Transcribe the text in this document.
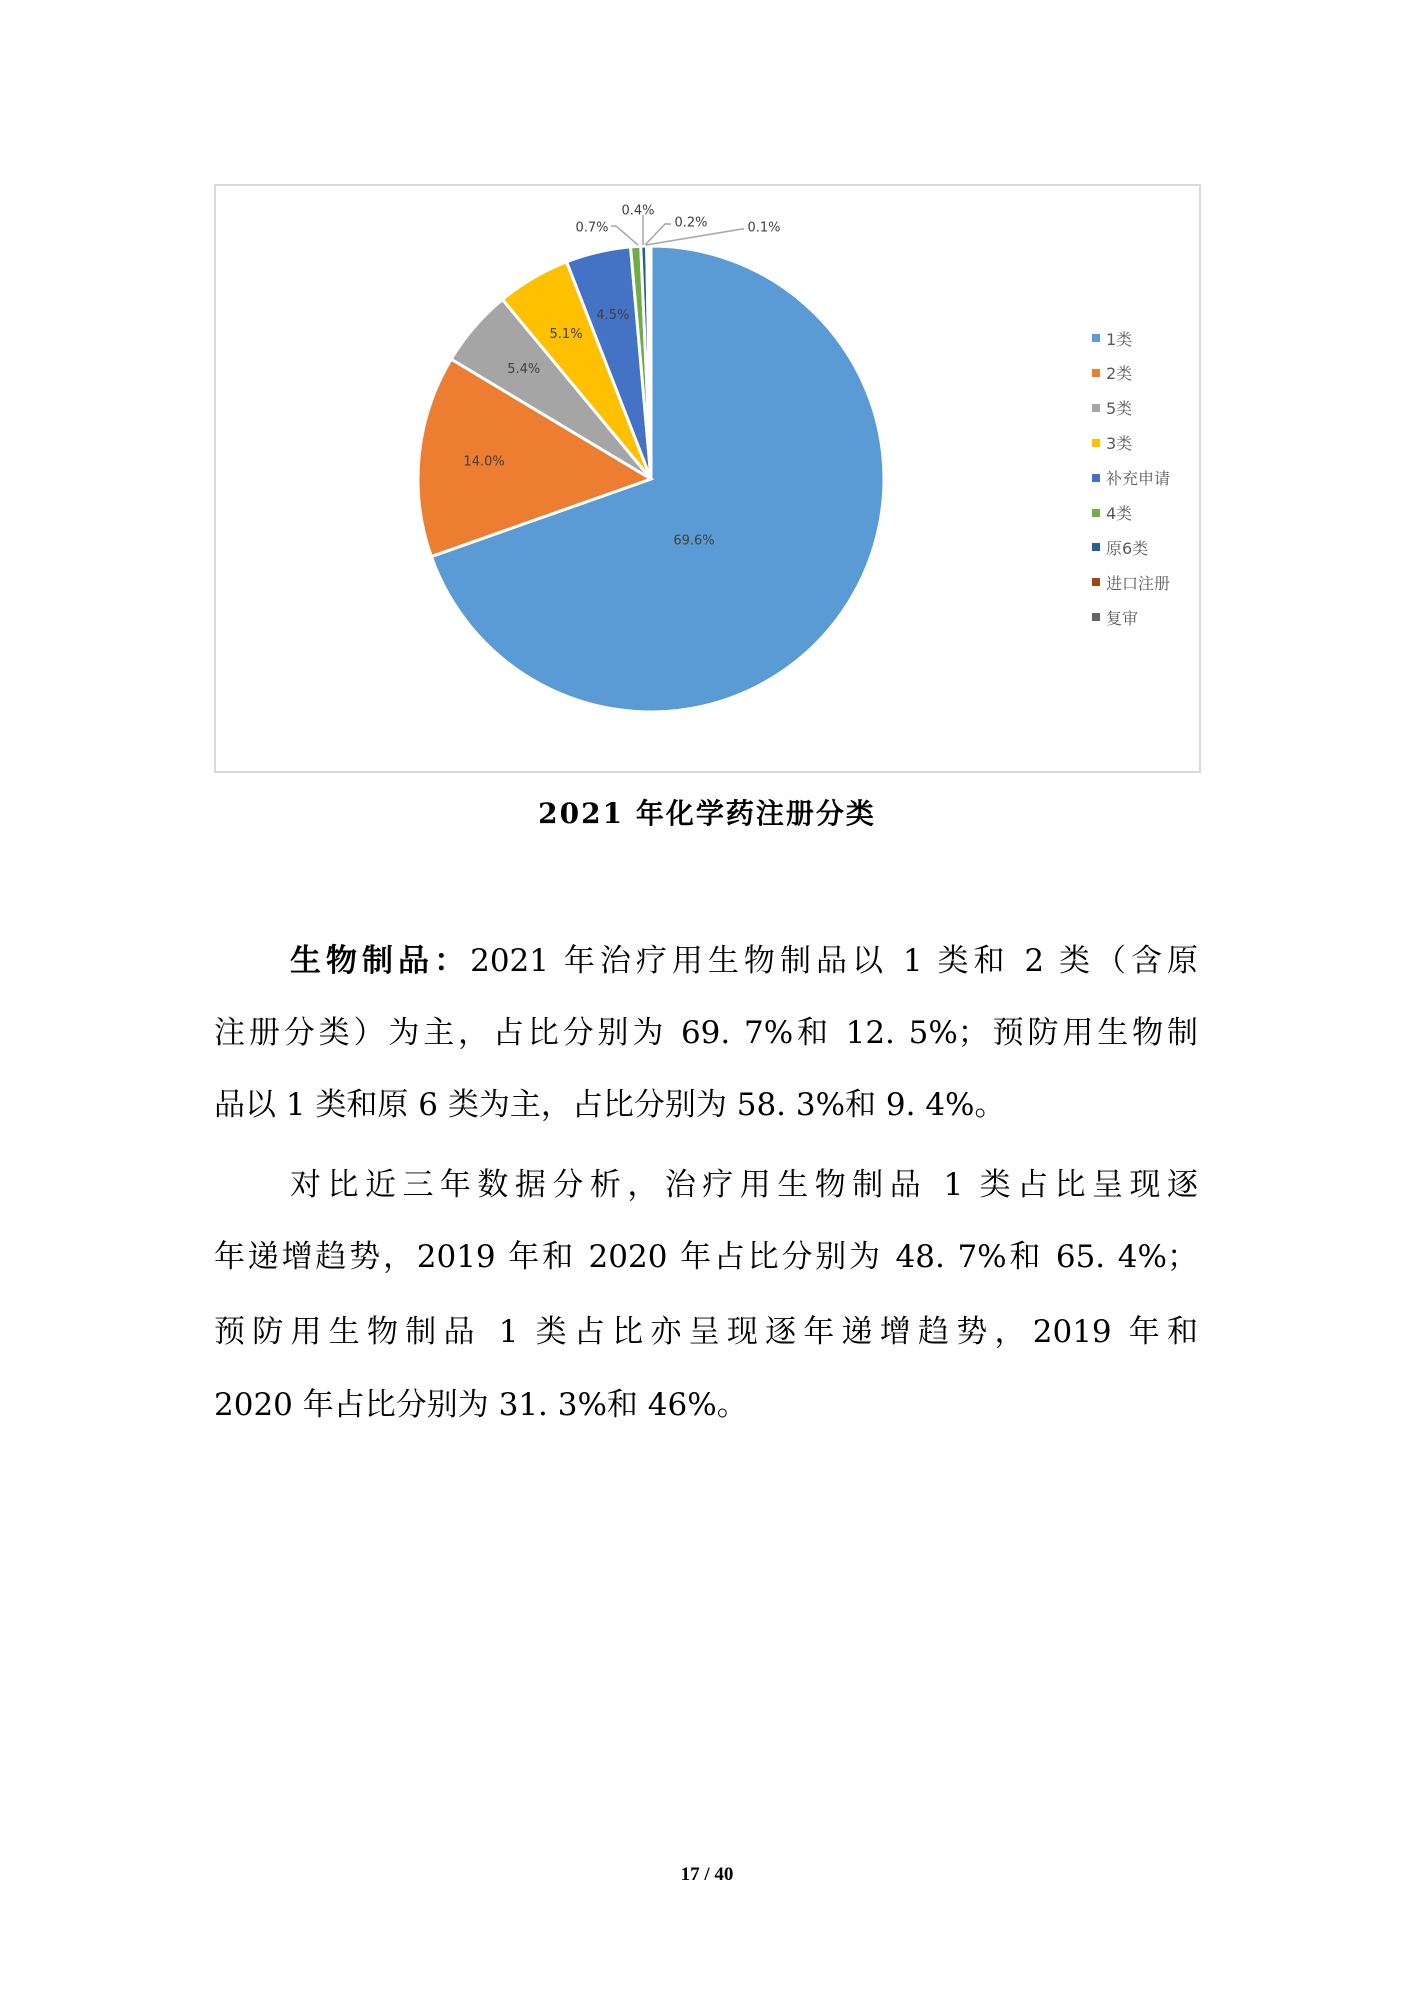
69.6%
14.0%
5.4%
5.1%
4.5%
0.7%
0.4%
0.2%	0.1%
1类
2类
5类
3类
补充申请
4类
原6类
进口注册
复审
2021 年化学药注册分类
生物制品：2021 年治疗用生物制品以 1 类和 2 类（含原
注册分类）为主，占比分别为 69. 7%和 12. 5%；预防用生物制
品以 1 类和原 6 类为主，占比分别为 58. 3%和 9. 4%。
对比近三年数据分析，治疗用生物制品 1 类占比呈现逐
年递增趋势，2019 年和 2020 年占比分别为 48. 7%和 65. 4%；
预防用生物制品 1 类占比亦呈现逐年递增趋势，2019 年和
2020 年占比分别为 31. 3%和 46%。
17 / 40
